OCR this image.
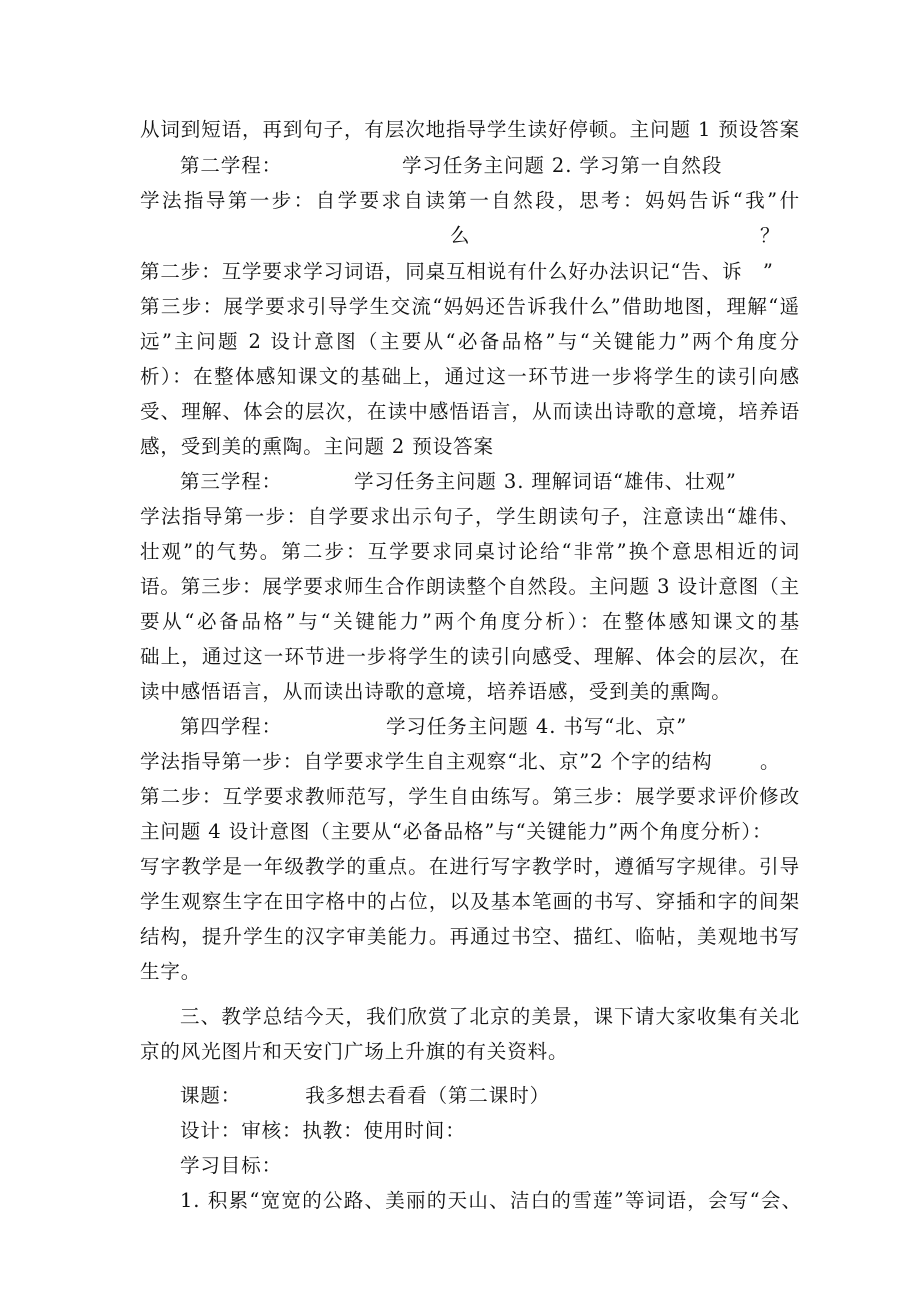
从词到短语，再到句子，有层次地指导学生读好停顿。主问题 1 预设答案

第二学程：	学习任务主问题 2. 学习第一自然段

学法指导第一步：自学要求自读第一自然段，思考：妈妈告诉“我”什

么	？

第二步：互学要求学习词语，同桌互相说有什么好办法识记“告、诉　”

第三步：展学要求引导学生交流“妈妈还告诉我什么”借助地图，理解“遥

远”主问题 2 设计意图（主要从“必备品格”与“关键能力”两个角度分

析）：在整体感知课文的基础上，通过这一环节进一步将学生的读引向感

受、理解、体会的层次，在读中感悟语言，从而读出诗歌的意境，培养语

感，受到美的熏陶。主问题 2 预设答案

第三学程：	学习任务主问题 3. 理解词语“雄伟、壮观”

学法指导第一步：自学要求出示句子，学生朗读句子，注意读出“雄伟、

壮观”的气势。第二步：互学要求同桌讨论给“非常”换个意思相近的词

语。第三步：展学要求师生合作朗读整个自然段。主问题 3 设计意图（主

要从“必备品格”与“关键能力”两个角度分析）：在整体感知课文的基

础上，通过这一环节进一步将学生的读引向感受、理解、体会的层次，在

读中感悟语言，从而读出诗歌的意境，培养语感，受到美的熏陶。

第四学程：	学习任务主问题 4. 书写“北、京”

学法指导第一步：自学要求学生自主观察“北、京”2 个字的结构 。

第二步：互学要求教师范写，学生自由练写。第三步：展学要求评价修改

主问题 4 设计意图（主要从“必备品格”与“关键能力”两个角度分析）：

写字教学是一年级教学的重点。在进行写字教学时，遵循写字规律。引导

学生观察生字在田字格中的占位，以及基本笔画的书写、穿插和字的间架

结构，提升学生的汉字审美能力。再通过书空、描红、临帖，美观地书写

生字。

三、教学总结今天，我们欣赏了北京的美景，课下请大家收集有关北

京的风光图片和天安门广场上升旗的有关资料。

课题：	我多想去看看（第二课时）

设计：审核：执教：使用时间：

学习目标：

1. 积累“宽宽的公路、美丽的天山、洁白的雪莲”等词语，会写“会、
